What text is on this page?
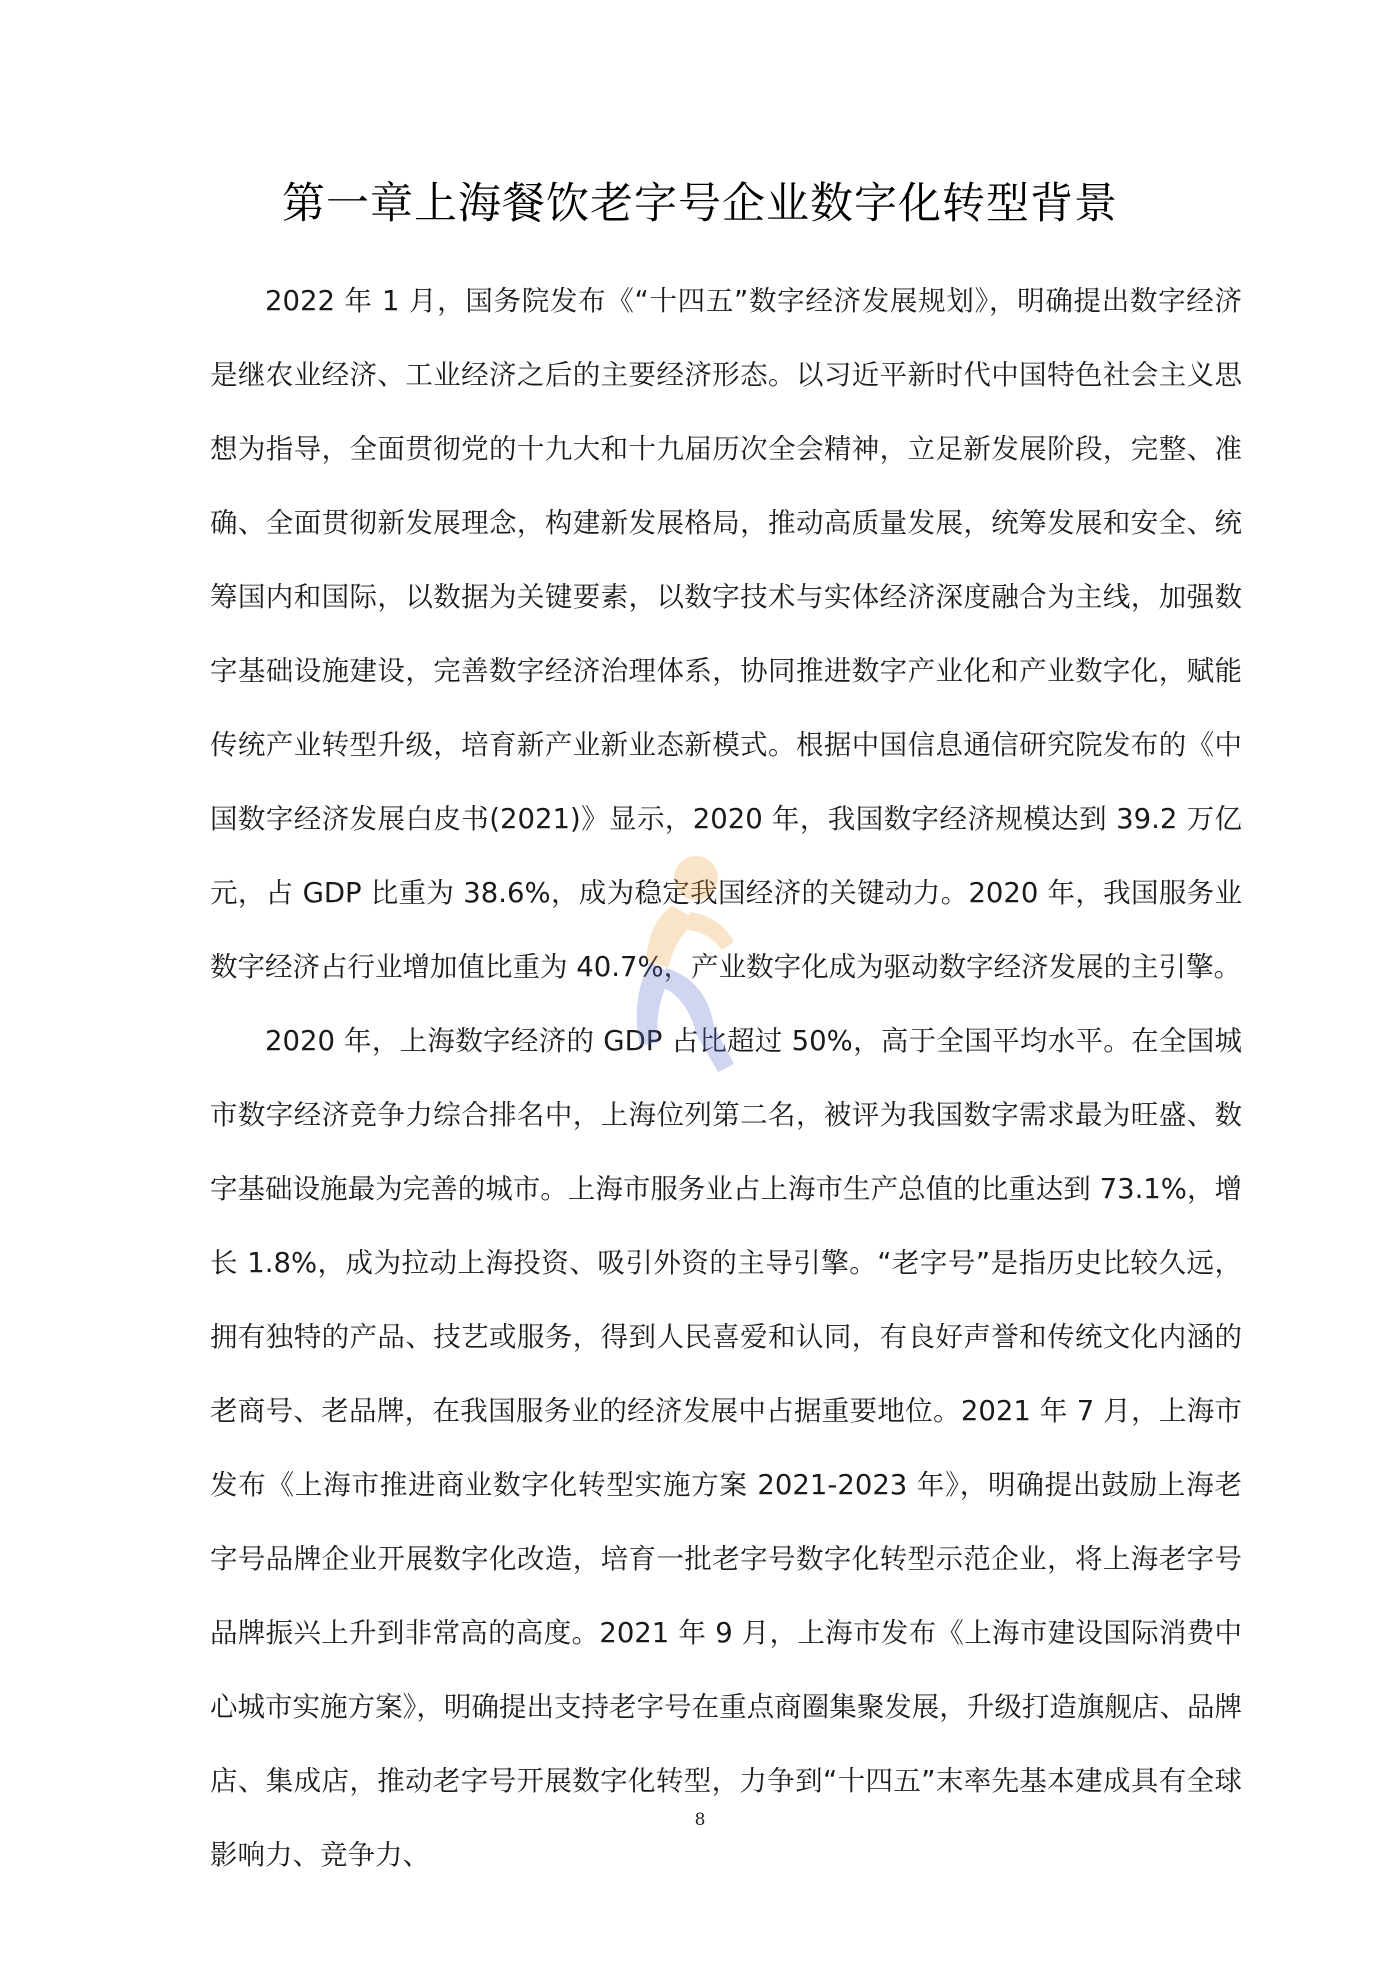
第一章上海餐饮老字号企业数字化转型背景

2022 年 1 月，国务院发布《“十四五”数字经济发展规划》，明确提出数字经济是继农业经济、工业经济之后的主要经济形态。以习近平新时代中国特色社会主义思想为指导，全面贯彻党的十九大和十九届历次全会精神，立足新发展阶段，完整、准确、全面贯彻新发展理念，构建新发展格局，推动高质量发展，统筹发展和安全、统筹国内和国际，以数据为关键要素，以数字技术与实体经济深度融合为主线，加强数字基础设施建设，完善数字经济治理体系，协同推进数字产业化和产业数字化，赋能传统产业转型升级，培育新产业新业态新模式。根据中国信息通信研究院发布的《中国数字经济发展白皮书(2021)》显示，2020 年，我国数字经济规模达到 39.2 万亿元，占 GDP 比重为 38.6%，成为稳定我国经济的关键动力。2020 年，我国服务业数字经济占行业增加值比重为 40.7%，产业数字化成为驱动数字经济发展的主引擎。

2020 年，上海数字经济的 GDP 占比超过 50%，高于全国平均水平。在全国城市数字经济竞争力综合排名中，上海位列第二名，被评为我国数字需求最为旺盛、数字基础设施最为完善的城市。上海市服务业占上海市生产总值的比重达到 73.1%，增长 1.8%，成为拉动上海投资、吸引外资的主导引擎。“老字号”是指历史比较久远，拥有独特的产品、技艺或服务，得到人民喜爱和认同，有良好声誉和传统文化内涵的老商号、老品牌，在我国服务业的经济发展中占据重要地位。2021 年 7 月，上海市发布《上海市推进商业数字化转型实施方案 2021-2023 年》，明确提出鼓励上海老字号品牌企业开展数字化改造，培育一批老字号数字化转型示范企业，将上海老字号品牌振兴上升到非常高的高度。2021 年 9 月，上海市发布《上海市建设国际消费中心城市实施方案》，明确提出支持老字号在重点商圈集聚发展，升级打造旗舰店、品牌店、集成店，推动老字号开展数字化转型，力争到“十四五”末率先基本建成具有全球影响力、竞争力、

8
